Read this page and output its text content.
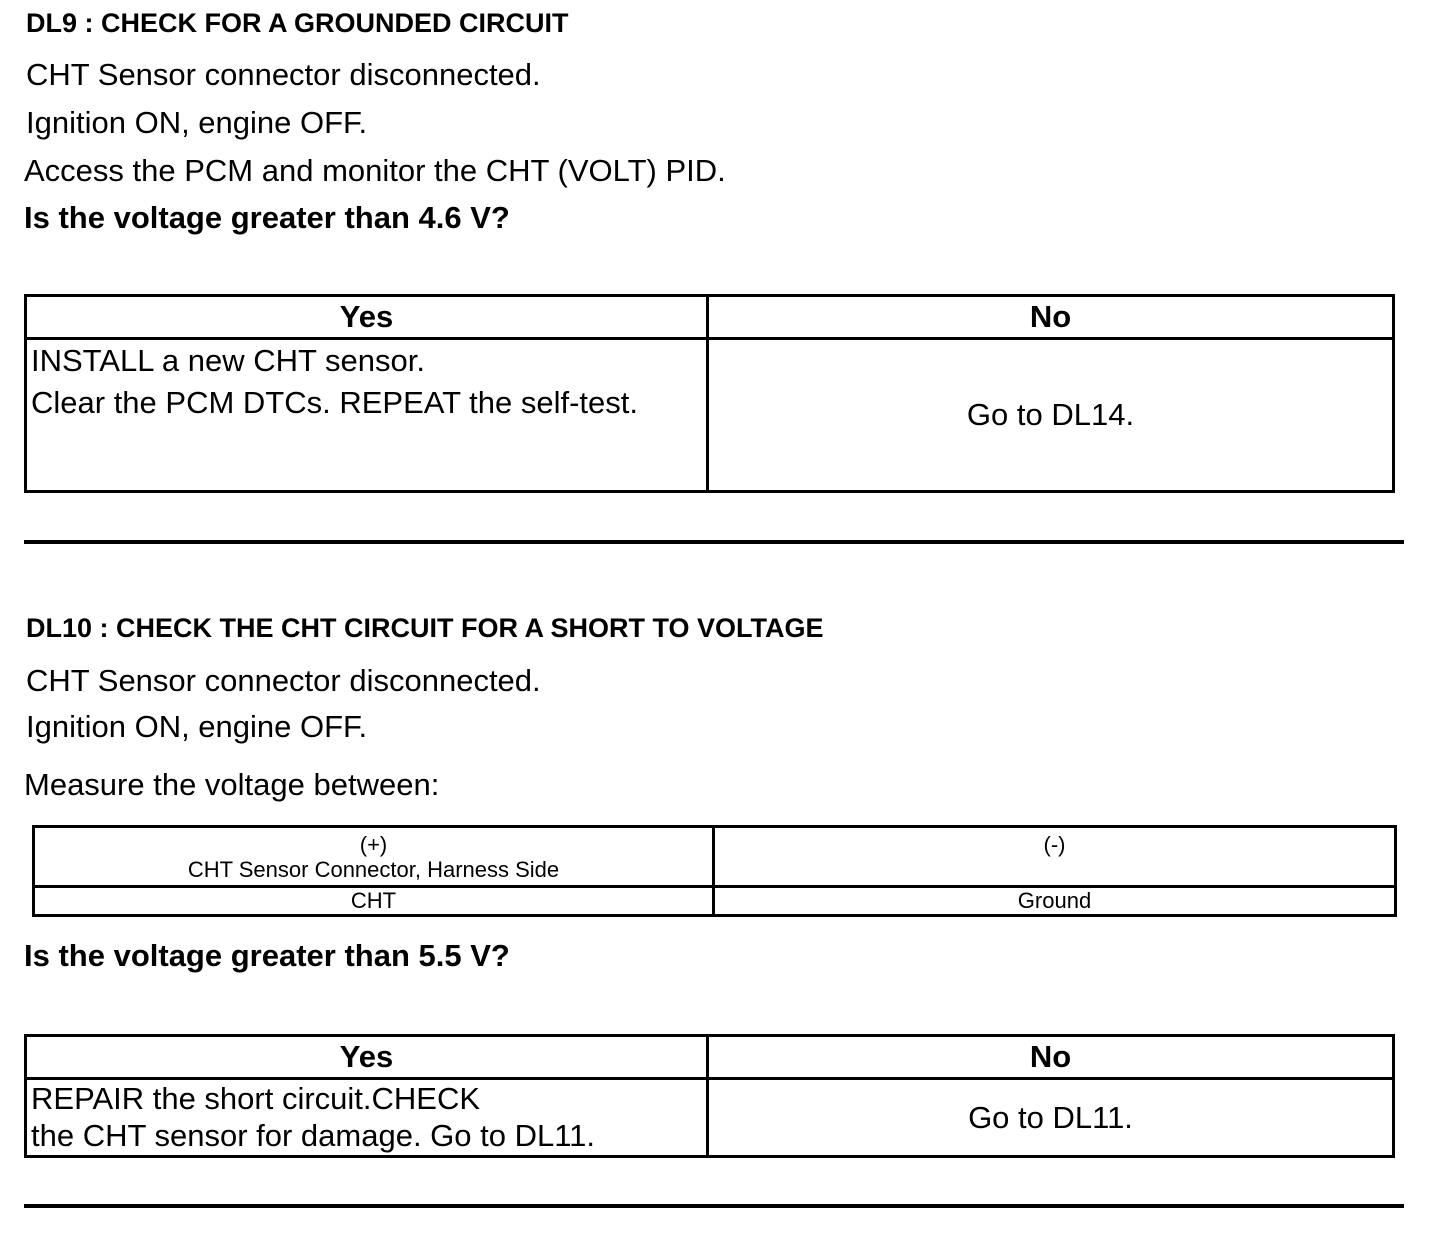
DL9 : CHECK FOR A GROUNDED CIRCUIT
CHT Sensor connector disconnected.
Ignition ON, engine OFF.
Access the PCM and monitor the CHT (VOLT) PID.
Is the voltage greater than 4.6 V?
Yes	No

INSTALL a new CHT sensor.
Clear the PCM DTCs. REPEAT the self-test.	Go to DL14.
DL10 : CHECK THE CHT CIRCUIT FOR A SHORT TO VOLTAGE
CHT Sensor connector disconnected.
Ignition ON, engine OFF.
Measure the voltage between:
(+)
CHT Sensor Connector, Harness Side	(-)

CHT	Ground
Is the voltage greater than 5.5 V?
Yes	No

REPAIR the short circuit.CHECK
the CHT sensor for damage. Go to DL11.	Go to DL11.
